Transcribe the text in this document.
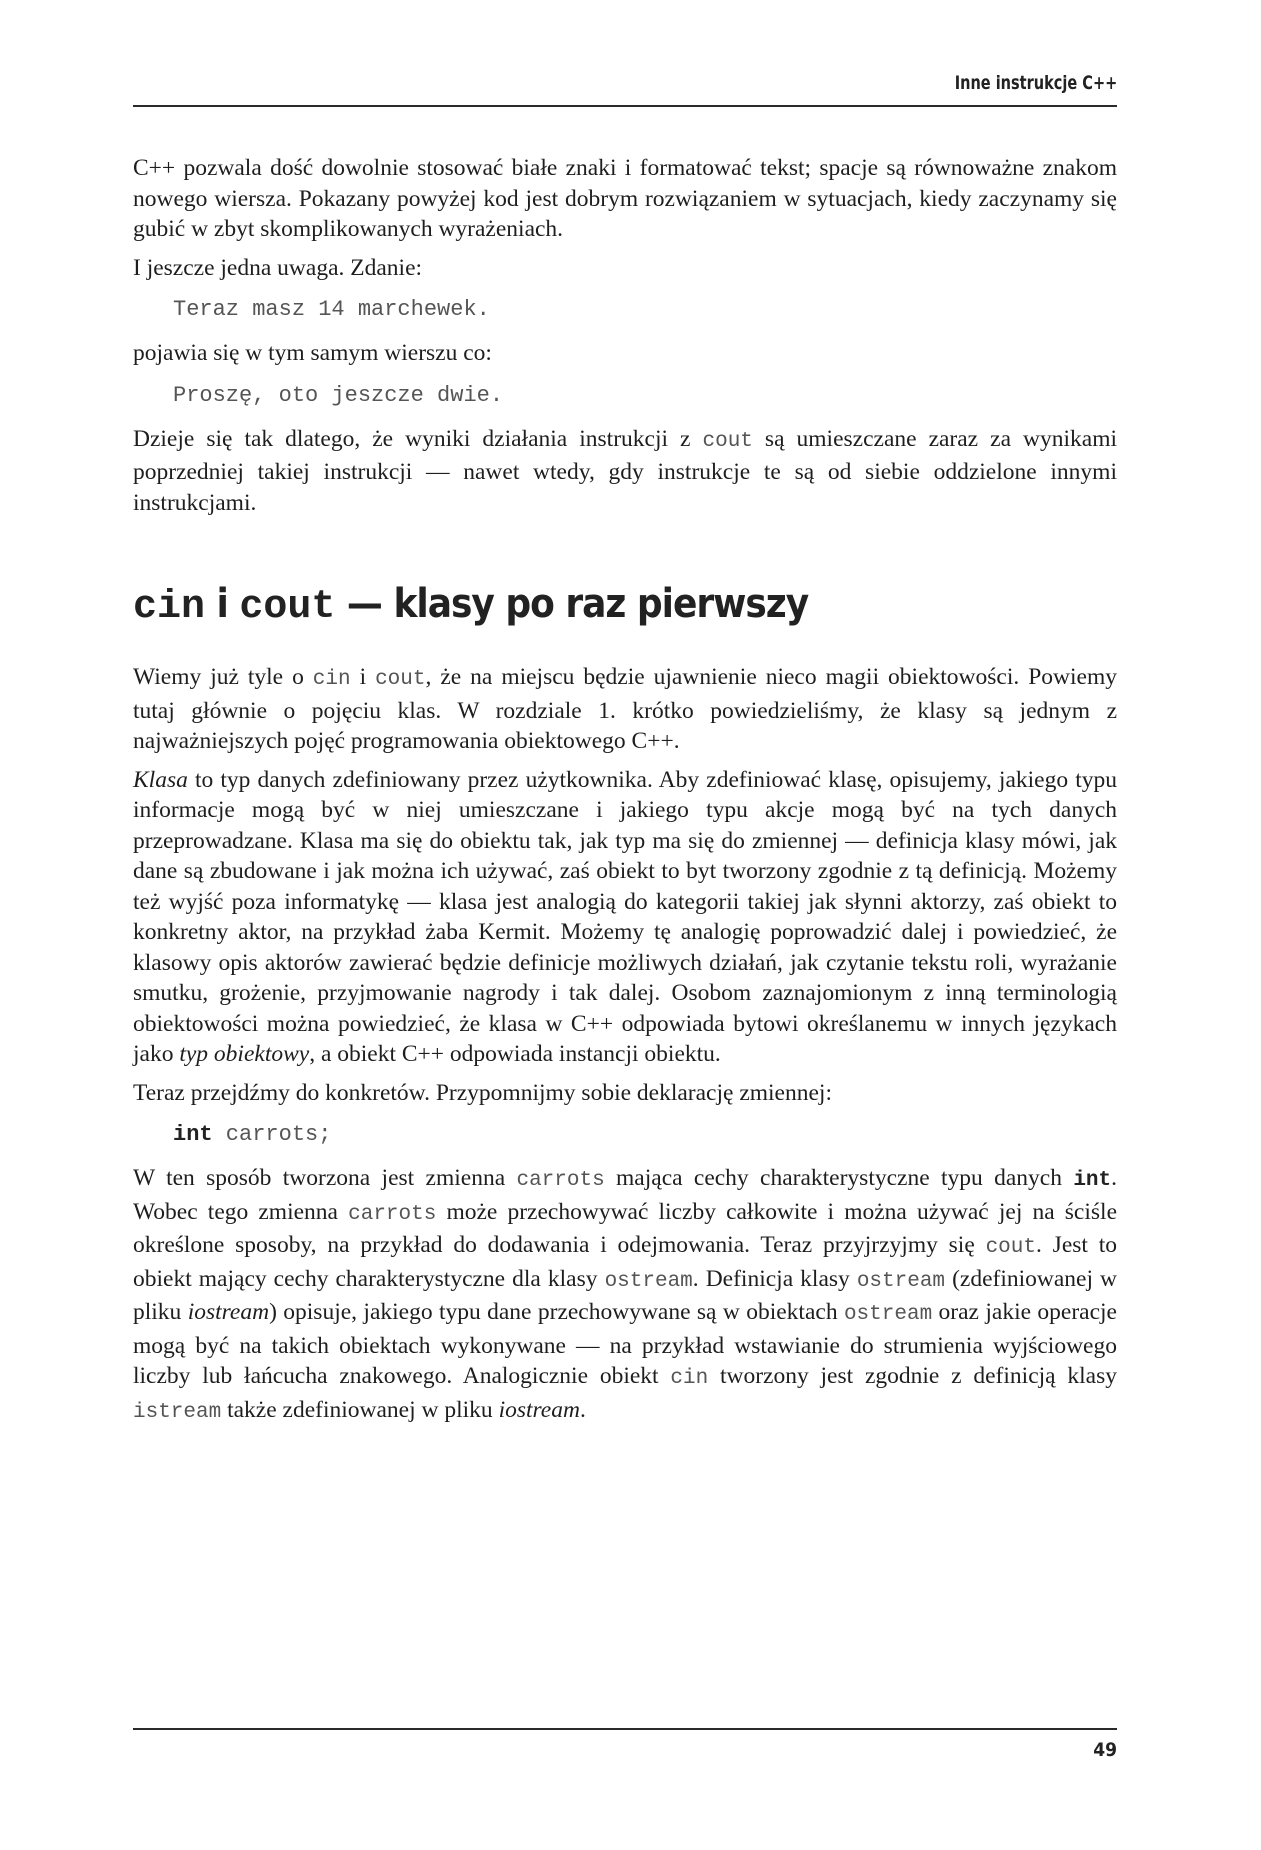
Inne instrukcje C++

C++ pozwala dość dowolnie stosować białe znaki i formatować tekst; spacje są równoważne znakom nowego wiersza. Pokazany powyżej kod jest dobrym rozwiązaniem w sytuacjach, kiedy zaczynamy się gubić w zbyt skomplikowanych wyrażeniach.

I jeszcze jedna uwaga. Zdanie:

Teraz masz 14 marchewek.

pojawia się w tym samym wierszu co:

Proszę, oto jeszcze dwie.

Dzieje się tak dlatego, że wyniki działania instrukcji z cout są umieszczane zaraz za wynikami poprzedniej takiej instrukcji — nawet wtedy, gdy instrukcje te są od siebie oddzielone innymi instrukcjami.

cin i cout — klasy po raz pierwszy

Wiemy już tyle o cin i cout, że na miejscu będzie ujawnienie nieco magii obiektowości. Powiemy tutaj głównie o pojęciu klas. W rozdziale 1. krótko powiedzieliśmy, że klasy są jednym z najważniejszych pojęć programowania obiektowego C++.

Klasa to typ danych zdefiniowany przez użytkownika. Aby zdefiniować klasę, opisujemy, jakiego typu informacje mogą być w niej umieszczane i jakiego typu akcje mogą być na tych danych przeprowadzane. Klasa ma się do obiektu tak, jak typ ma się do zmiennej — definicja klasy mówi, jak dane są zbudowane i jak można ich używać, zaś obiekt to byt tworzony zgodnie z tą definicją. Możemy też wyjść poza informatykę — klasa jest analogią do kategorii takiej jak słynni aktorzy, zaś obiekt to konkretny aktor, na przykład żaba Kermit. Możemy tę analogię poprowadzić dalej i powiedzieć, że klasowy opis aktorów zawierać będzie definicje możliwych działań, jak czytanie tekstu roli, wyrażanie smutku, grożenie, przyjmowanie nagrody i tak dalej. Osobom zaznajomionym z inną terminologią obiektowości można powiedzieć, że klasa w C++ odpowiada bytowi określanemu w innych językach jako typ obiektowy, a obiekt C++ odpowiada instancji obiektu.

Teraz przejdźmy do konkretów. Przypomnijmy sobie deklarację zmiennej:

int carrots;

W ten sposób tworzona jest zmienna carrots mająca cechy charakterystyczne typu danych int. Wobec tego zmienna carrots może przechowywać liczby całkowite i można używać jej na ściśle określone sposoby, na przykład do dodawania i odejmowania. Teraz przyjrzyjmy się cout. Jest to obiekt mający cechy charakterystyczne dla klasy ostream. Definicja klasy ostream (zdefiniowanej w pliku iostream) opisuje, jakiego typu dane przechowywane są w obiektach ostream oraz jakie operacje mogą być na takich obiektach wykonywane — na przykład wstawianie do strumienia wyjściowego liczby lub łańcucha znakowego. Analogicznie obiekt cin tworzony jest zgodnie z definicją klasy istream także zdefiniowanej w pliku iostream.

49
